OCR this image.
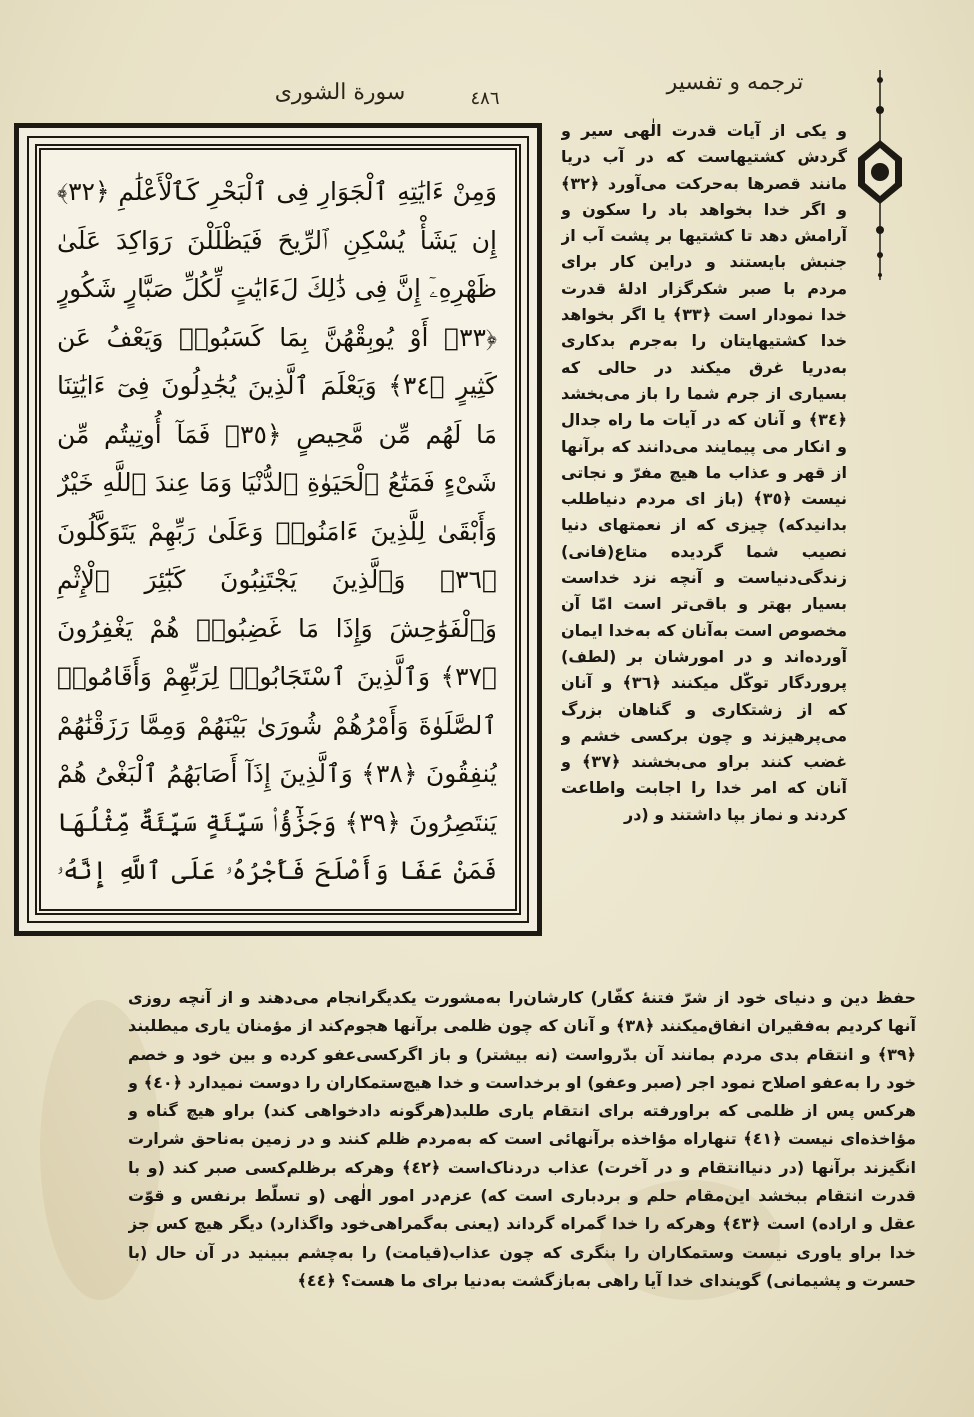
سورة الشورى	٤٨٦
ترجمه و تفسیر
وَمِنْ ءَايَٰتِهِ ٱلْجَوَارِ فِى ٱلْبَحْرِ كَٱلْأَعْلَٰمِ ﴿٣٢﴾ إِن يَشَأْ يُسْكِنِ ٱلرِّيحَ فَيَظْلَلْنَ رَوَاكِدَ عَلَىٰ ظَهْرِهِۦٓ إِنَّ فِى ذَٰلِكَ لَءَايَٰتٍ لِّكُلِّ صَبَّارٍ شَكُورٍ ﴿٣٣﴾ أَوْ يُوبِقْهُنَّ بِمَا كَسَبُوا۟ وَيَعْفُ عَن كَثِيرٍ ﴿٣٤﴾ وَيَعْلَمَ ٱلَّذِينَ يُجَٰدِلُونَ فِىٓ ءَايَٰتِنَا مَا لَهُم مِّن مَّحِيصٍ ﴿٣٥﴾ فَمَآ أُوتِيتُم مِّن شَىْءٍ فَمَتَٰعُ ٱلْحَيَوٰةِ ٱلدُّنْيَا وَمَا عِندَ ٱللَّهِ خَيْرٌ وَأَبْقَىٰ لِلَّذِينَ ءَامَنُوا۟ وَعَلَىٰ رَبِّهِمْ يَتَوَكَّلُونَ ﴿٣٦﴾ وَٱلَّذِينَ يَجْتَنِبُونَ كَبَٰٓئِرَ ٱلْإِثْمِ وَٱلْفَوَٰحِشَ وَإِذَا مَا غَضِبُوا۟ هُمْ يَغْفِرُونَ ﴿٣٧﴾ وَٱلَّذِينَ ٱسْتَجَابُوا۟ لِرَبِّهِمْ وَأَقَامُوا۟ ٱلصَّلَوٰةَ وَأَمْرُهُمْ شُورَىٰ بَيْنَهُمْ وَمِمَّا رَزَقْنَٰهُمْ يُنفِقُونَ ﴿٣٨﴾ وَٱلَّذِينَ إِذَآ أَصَابَهُمُ ٱلْبَغْىُ هُمْ يَنتَصِرُونَ ﴿٣٩﴾ وَجَزَٰٓؤُا۟ سَيِّئَةٍ سَيِّئَةٌ مِّثْلُهَا فَمَنْ عَفَا وَأَصْلَحَ فَأَجْرُهُۥ عَلَى ٱللَّهِ إِنَّهُۥ
و یکی از آیات قدرت الٰهی سیر و گردش کشتیهاست که در آب دریا مانند قصرها به‌حرکت می‌آورد ﴿٣٢﴾ و اگر خدا بخواهد باد را سکون و آرامش دهد تا کشتیها بر پشت آب از جنبش بایستند و دراین کار برای مردم با صبر شکرگزار ادلهٔ قدرت خدا نمودار است ﴿٣٣﴾ یا اگر بخواهد خدا کشتیهایتان را به‌جرم بدکاری به‌دریا غرق میکند در حالی که بسیاری از جرم شما را باز می‌بخشد ﴿٣٤﴾ و آنان که در آیات ما راه جدال و انکار می پیمایند می‌دانند که برآنها از قهر و عذاب ما هیچ مفرّ و نجاتی نیست ﴿٣٥﴾ (باز ای مردم دنیاطلب بدانیدکه) چیزی که از نعمتهای دنیا نصیب شما گردیده متاع(فانی) زندگی‌دنیاست و آنچه نزد خداست بسیار بهتر و باقی‌تر است امّا آن مخصوص است به‌آنان که به‌خدا ایمان آورده‌اند و در امورشان بر (لطف) پروردگار توکّل میکنند ﴿٣٦﴾ و آنان که از زشتکاری و گناهان بزرگ می‌پرهیزند و چون برکسی خشم و غضب کنند براو می‌بخشند ﴿٣٧﴾ و آنان که امر خدا را اجابت واطاعت کردند و نماز بپا داشتند و (در
حفظ دین و دنیای خود از شرّ فتنهٔ کفّار) کارشان‌را به‌مشورت یکدیگرانجام می‌دهند و از آنچه روزی آنها کردیم به‌فقیران انفاق‌میکنند ﴿٣٨﴾ و آنان که چون ظلمی برآنها هجوم‌کند از مؤمنان یاری میطلبند ﴿٣٩﴾ و انتقام بدی مردم بمانند آن بدّرواست (نه بیشتر) و باز اگرکسی‌عفو کرده و بین خود و خصم خود را به‌عفو اصلاح نمود اجر (صبر وعفو) او برخداست و خدا هیچ‌ستمکاران را دوست نمیدارد ﴿٤٠﴾ و هرکس پس از ظلمی که براورفته برای انتقام یاری طلبد(هرگونه دادخواهی کند) براو هیچ گناه و مؤاخذه‌ای نیست ﴿٤١﴾ تنهاراه مؤاخذه برآنهائی است که به‌مردم ظلم کنند و در زمین به‌ناحق شرارت انگیزند برآنها (در دنیاانتقام و در آخرت) عذاب دردناک‌است ﴿٤٢﴾ وهرکه برظلم‌کسی صبر کند (و با قدرت انتقام ببخشد این‌مقام حلم و بردباری است که) عزم‌در امور الٰهی (و تسلّط برنفس و قوّت عقل و اراده) است ﴿٤٣﴾ وهرکه را خدا گمراه گرداند (یعنی به‌گمراهی‌خود واگذارد) دیگر هیچ کس جز خدا براو یاوری نیست وستمکاران را بنگری که چون عذاب(قیامت) را به‌چشم ببینید در آن حال (با حسرت و پشیمانی) گویندای خدا آیا راهی به‌بازگشت به‌دنیا برای ما هست؟ ﴿٤٤﴾
